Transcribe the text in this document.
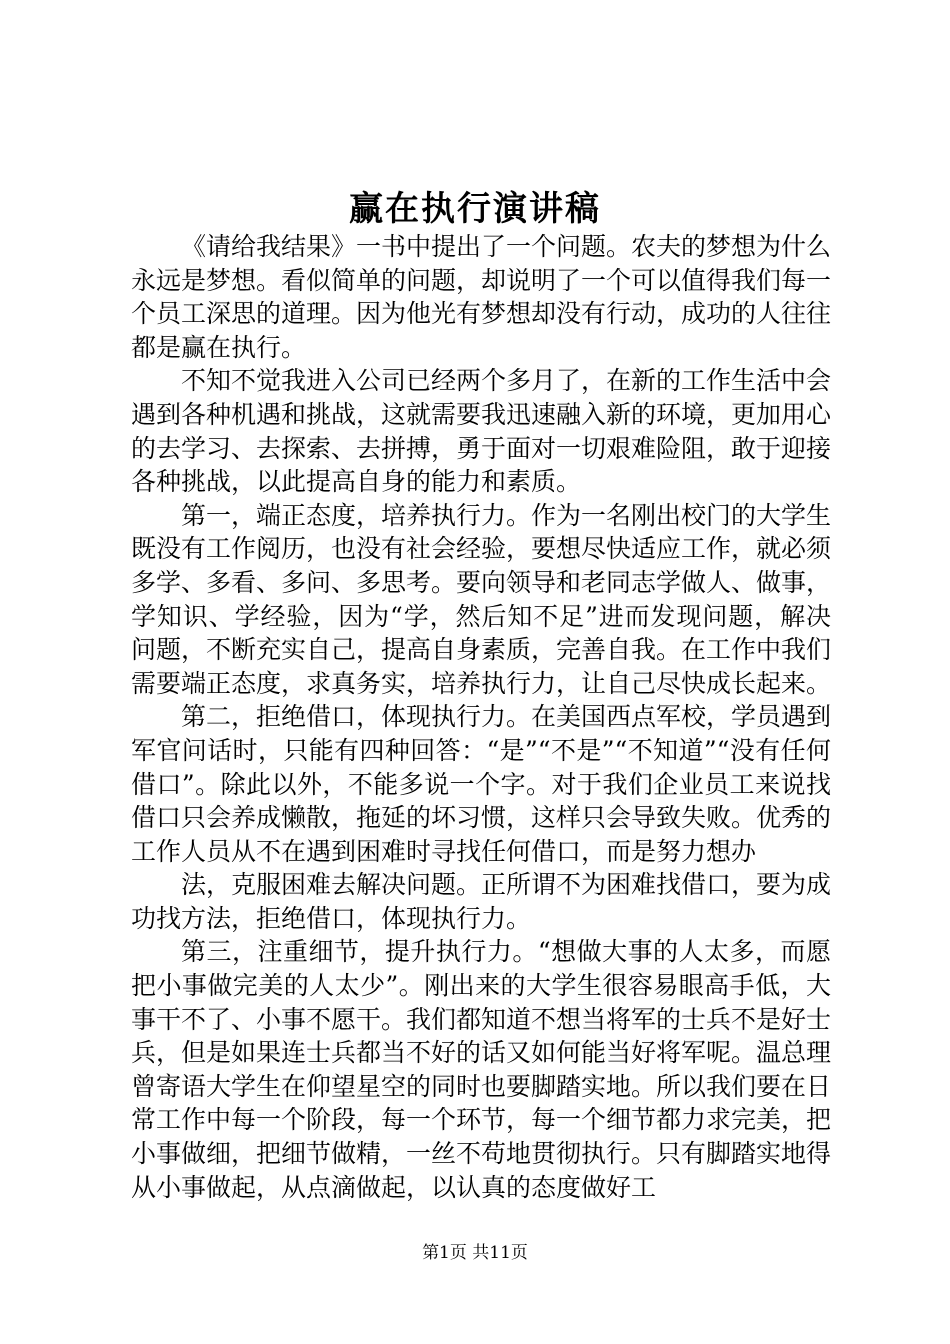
赢在执行演讲稿

《请给我结果》一书中提出了一个问题。农夫的梦想为什么永远是梦想。看似简单的问题，却说明了一个可以值得我们每一个员工深思的道理。因为他光有梦想却没有行动，成功的人往往都是赢在执行。

不知不觉我进入公司已经两个多月了，在新的工作生活中会遇到各种机遇和挑战，这就需要我迅速融入新的环境，更加用心的去学习、去探索、去拼搏，勇于面对一切艰难险阻，敢于迎接各种挑战，以此提高自身的能力和素质。

第一，端正态度，培养执行力。作为一名刚出校门的大学生既没有工作阅历，也没有社会经验，要想尽快适应工作，就必须多学、多看、多问、多思考。要向领导和老同志学做人、做事，学知识、学经验，因为“学，然后知不足”进而发现问题，解决问题，不断充实自己，提高自身素质，完善自我。在工作中我们需要端正态度，求真务实，培养执行力，让自己尽快成长起来。

第二，拒绝借口，体现执行力。在美国西点军校，学员遇到军官问话时，只能有四种回答：“是”“不是”“不知道”“没有任何借口”。除此以外，不能多说一个字。对于我们企业员工来说找借口只会养成懒散，拖延的坏习惯，这样只会导致失败。优秀的工作人员从不在遇到困难时寻找任何借口，而是努力想办

法，克服困难去解决问题。正所谓不为困难找借口，要为成功找方法，拒绝借口，体现执行力。

第三，注重细节，提升执行力。“想做大事的人太多，而愿把小事做完美的人太少”。刚出来的大学生很容易眼高手低，大事干不了、小事不愿干。我们都知道不想当将军的士兵不是好士兵，但是如果连士兵都当不好的话又如何能当好将军呢。温总理曾寄语大学生在仰望星空的同时也要脚踏实地。所以我们要在日常工作中每一个阶段，每一个环节，每一个细节都力求完美，把小事做细，把细节做精，一丝不苟地贯彻执行。只有脚踏实地得从小事做起，从点滴做起，以认真的态度做好工

第1页 共11页
